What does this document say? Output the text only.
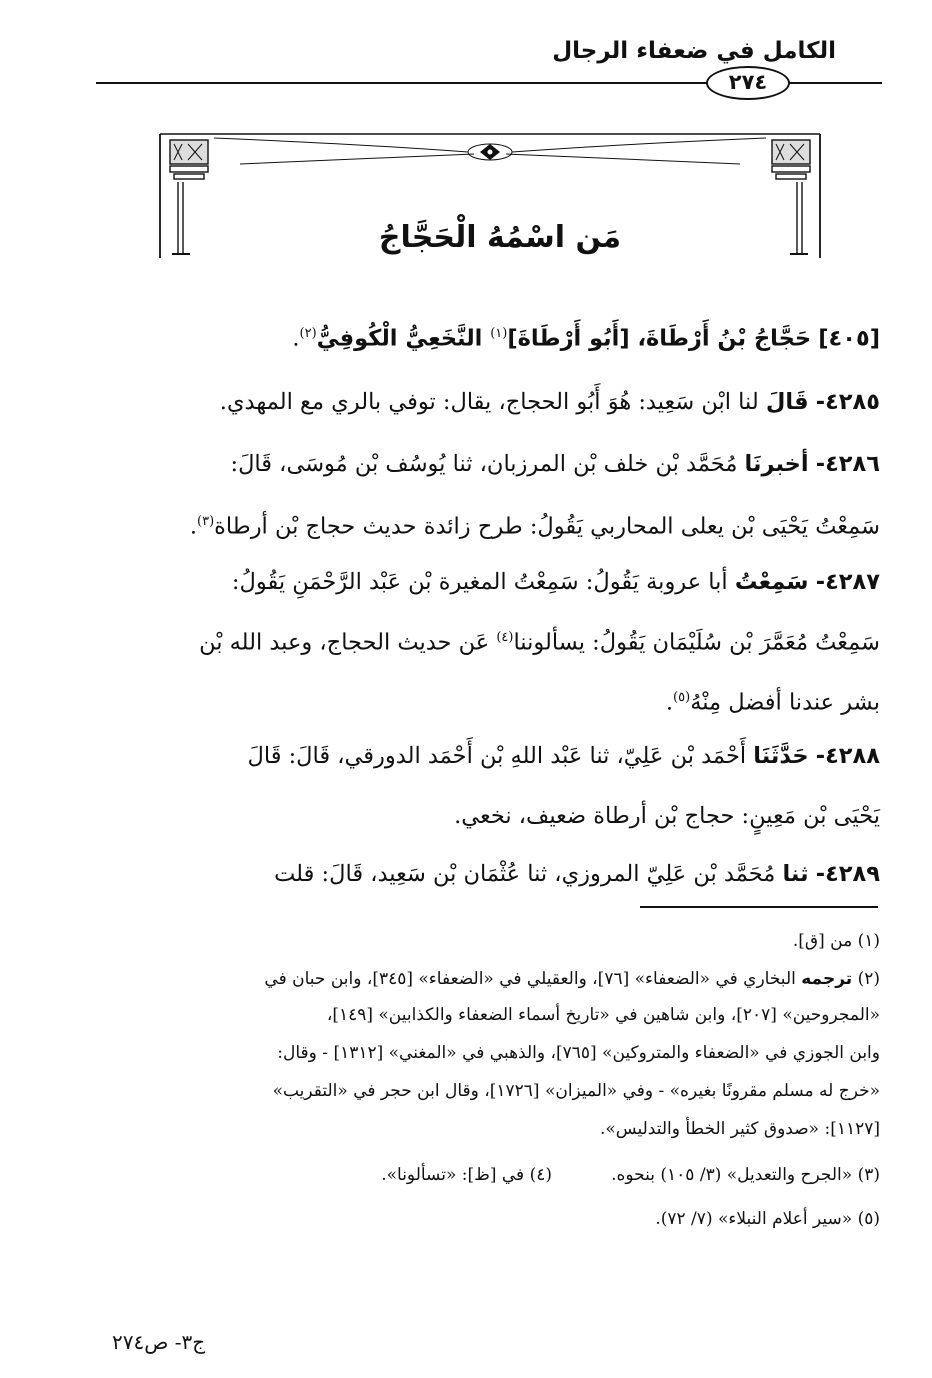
الكامل في ضعفاء الرجال
٢٧٤
مَن اسْمُهُ الْحَجَّاجُ
[٤٠٥] حَجَّاجُ بْنُ أَرْطَاةَ، [أَبُو أَرْطَاةَ]$^{(١)}$ النَّخَعِيُّ الْكُوفِيُّ$^{(٢)}$.
٤٢٨٥- قَالَ لنا ابْن سَعِيد: هُوَ أَبُو الحجاج، يقال: توفي بالري مع المهدي.
٤٢٨٦- أخبرنَا مُحَمَّد بْن خلف بْن المرزبان، ثنا يُوسُف بْن مُوسَى، قَالَ:
سَمِعْتُ يَحْيَى بْن يعلى المحاربي يَقُولُ: طرح زائدة حديث حجاج بْن أرطاة$^{(٣)}$.
٤٢٨٧- سَمِعْتُ أبا عروبة يَقُولُ: سَمِعْتُ المغيرة بْن عَبْد الرَّحْمَنِ يَقُولُ:
سَمِعْتُ مُعَمَّرَ بْن سُلَيْمَان يَقُولُ: يسألوننا$^{(٤)}$ عَن حديث الحجاج، وعبد الله بْن
بشر عندنا أفضل مِنْهُ$^{(٥)}$.
٤٢٨٨- حَدَّثَنَا أَحْمَد بْن عَلِيّ، ثنا عَبْد اللهِ بْن أَحْمَد الدورقي، قَالَ: قَالَ
يَحْيَى بْن مَعِينٍ: حجاج بْن أرطاة ضعيف، نخعي.
٤٢٨٩- ثنا مُحَمَّد بْن عَلِيّ المروزي، ثنا عُثْمَان بْن سَعِيد، قَالَ: قلت
(١) من [ق].
(٢) ترجمه البخاري في «الضعفاء» [٧٦]، والعقيلي في «الضعفاء» [٣٤٥]، وابن حبان في
«المجروحين» [٢٠٧]، وابن شاهين في «تاريخ أسماء الضعفاء والكذابين» [١٤٩]،
وابن الجوزي في «الضعفاء والمتروكين» [٧٦٥]، والذهبي في «المغني» [١٣١٢] - وقال:
«خرج له مسلم مقرونًا بغيره» - وفي «الميزان» [١٧٢٦]، وقال ابن حجر في «التقريب»
[١١٢٧]: «صدوق كثير الخطأ والتدليس».
(٣) «الجرح والتعديل» (٣/ ١٠٥) بنحوه.
(٤) في [ظ]: «تسألونا».
(٥) «سير أعلام النبلاء» (٧/ ٧٢).
ج٣- ص٢٧٤
